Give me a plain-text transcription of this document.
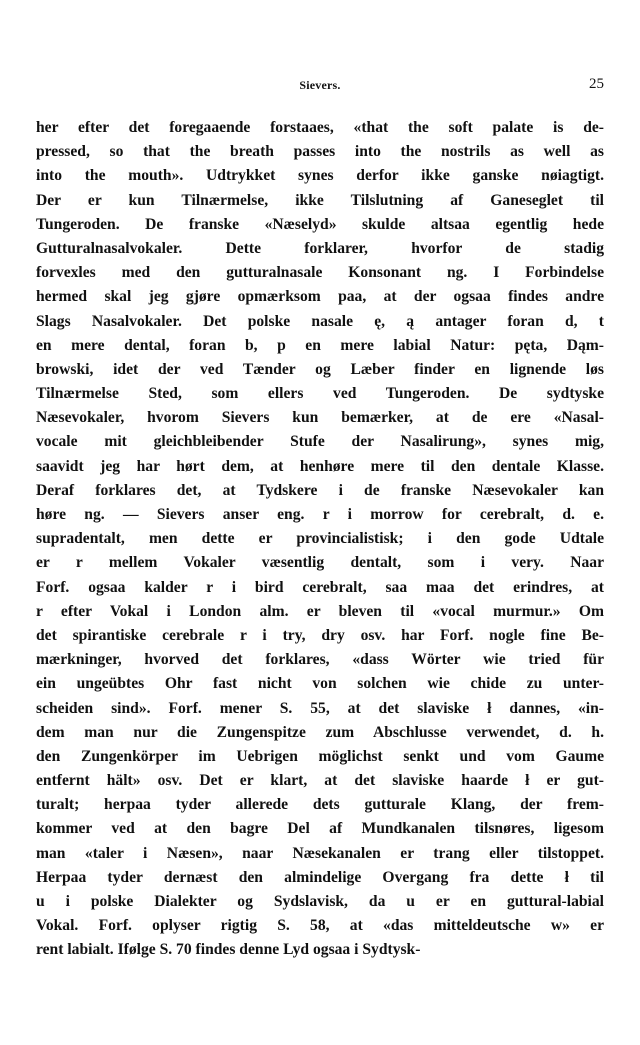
Sievers.	25
her efter det foregaaende forstaaes, «that the soft palate is de-
pressed, so that the breath passes into the nostrils as well as
into the mouth». Udtrykket synes derfor ikke ganske nøiagtigt.
Der er kun Tilnærmelse, ikke Tilslutning af Ganeseglet til
Tungeroden. De franske «Næselyd» skulde altsaa egentlig hede
Gutturalnasalvokaler. Dette forklarer, hvorfor de stadig
forvexles med den gutturalnasale Konsonant ng. I Forbindelse
hermed skal jeg gjøre opmærksom paa, at der ogsaa findes andre
Slags Nasalvokaler. Det polske nasale ę, ą antager foran d, t
en mere dental, foran b, p en mere labial Natur: pęta, Dąm-
browski, idet der ved Tænder og Læber finder en lignende løs
Tilnærmelse Sted, som ellers ved Tungeroden. De sydtyske
Næsevokaler, hvorom Sievers kun bemærker, at de ere «Nasal-
vocale mit gleichbleibender Stufe der Nasalirung», synes mig,
saavidt jeg har hørt dem, at henhøre mere til den dentale Klasse.
Deraf forklares det, at Tydskere i de franske Næsevokaler kan
høre ng. — Sievers anser eng. r i morrow for cerebralt, d. e.
supradentalt, men dette er provincialistisk; i den gode Udtale
er r mellem Vokaler væsentlig dentalt, som i very. Naar
Forf. ogsaa kalder r i bird cerebralt, saa maa det erindres, at
r efter Vokal i London alm. er bleven til «vocal murmur.» Om
det spirantiske cerebrale r i try, dry osv. har Forf. nogle fine Be-
mærkninger, hvorved det forklares, «dass Wörter wie tried für
ein ungeübtes Ohr fast nicht von solchen wie chide zu unter-
scheiden sind». Forf. mener S. 55, at det slaviske ł dannes, «in-
dem man nur die Zungenspitze zum Abschlusse verwendet, d. h.
den Zungenkörper im Uebrigen möglichst senkt und vom Gaume
entfernt hält» osv. Det er klart, at det slaviske haarde ł er gut-
turalt; herpaa tyder allerede dets gutturale Klang, der frem-
kommer ved at den bagre Del af Mundkanalen tilsnøres, ligesom
man «taler i Næsen», naar Næsekanalen er trang eller tilstoppet.
Herpaa tyder dernæst den almindelige Overgang fra dette ł til
u i polske Dialekter og Sydslavisk, da u er en guttural-labial
Vokal. Forf. oplyser rigtig S. 58, at «das mitteldeutsche w» er
rent labialt. Ifølge S. 70 findes denne Lyd ogsaa i Sydtysk-
